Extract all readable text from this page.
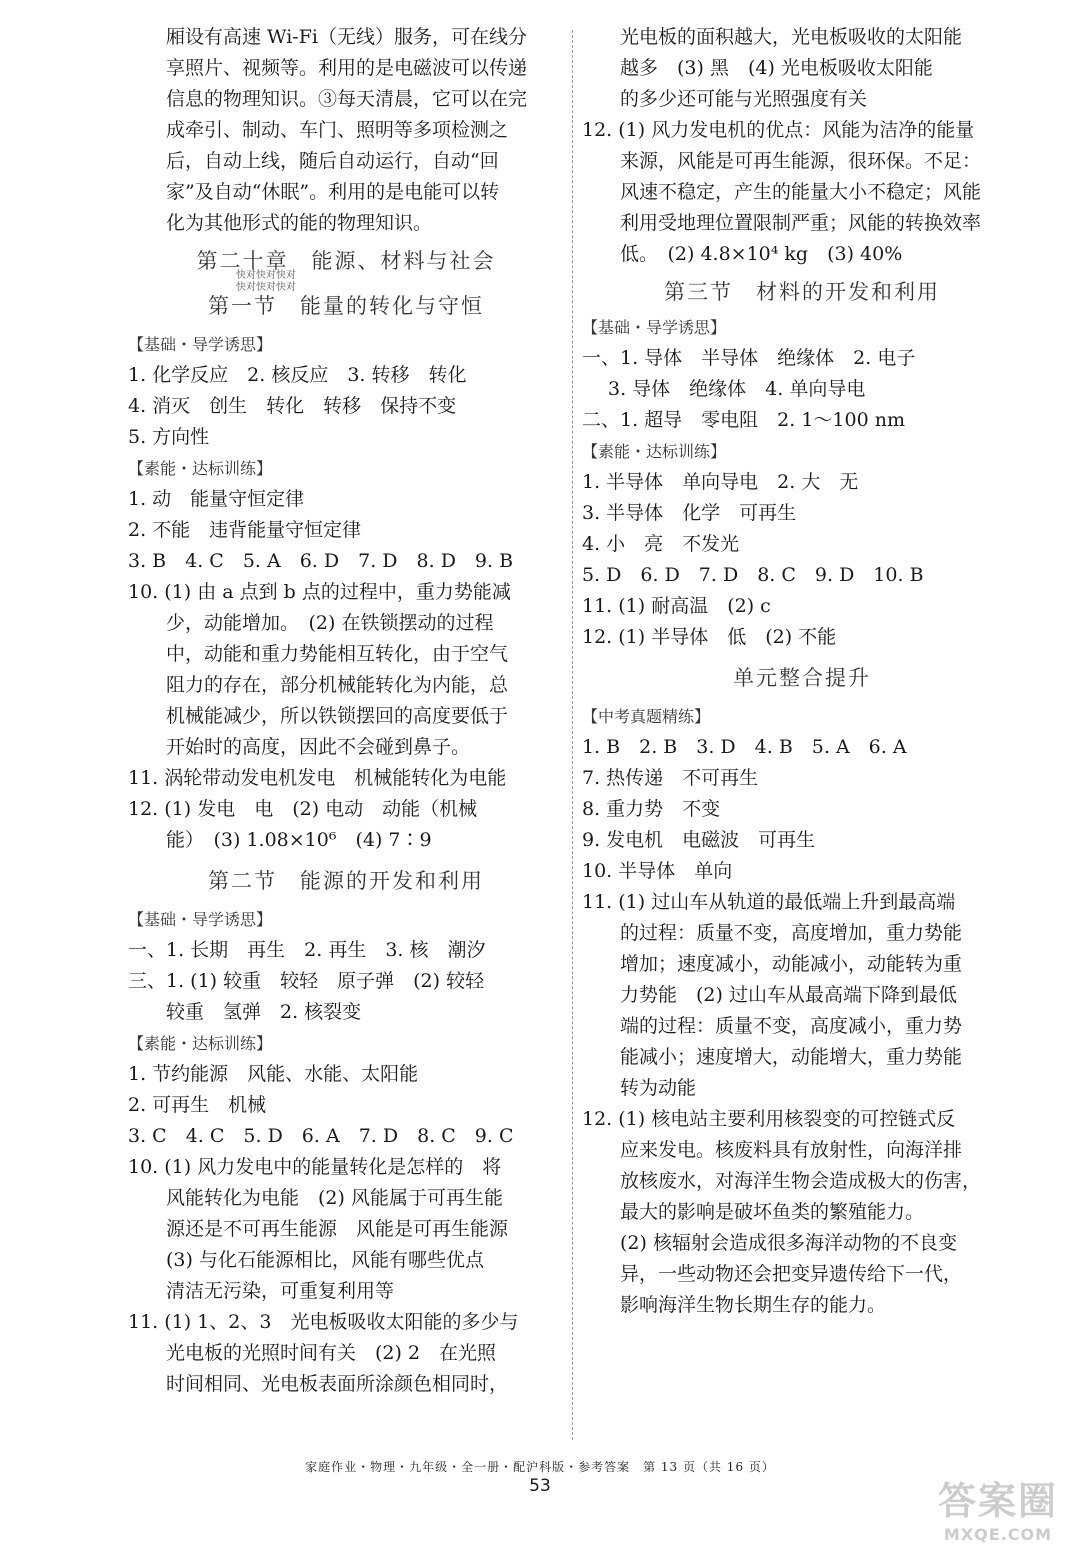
厢设有高速 Wi-Fi（无线）服务，可在线分
享照片、视频等。利用的是电磁波可以传递
信息的物理知识。③每天清晨，它可以在完
成牵引、制动、车门、照明等多项检测之
后，自动上线，随后自动运行，自动“回
家”及自动“休眠”。利用的是电能可以转
化为其他形式的能的物理知识。
第二十章　能源、材料与社会
第一节　能量的转化与守恒
【基础・导学诱思】
1. 化学反应　2. 核反应　3. 转移　转化
4. 消灭　创生　转化　转移　保持不变
5. 方向性
【素能・达标训练】
1. 动　能量守恒定律
2. 不能　违背能量守恒定律
3. B　4. C　5. A　6. D　7. D　8. D　9. B
10. (1) 由 a 点到 b 点的过程中，重力势能减
少，动能增加。　(2) 在铁锁摆动的过程
中，动能和重力势能相互转化，由于空气
阻力的存在，部分机械能转化为内能，总
机械能减少，所以铁锁摆回的高度要低于
开始时的高度，因此不会碰到鼻子。
11. 涡轮带动发电机发电　机械能转化为电能
12. (1) 发电　电　(2) 电动　动能（机械
能）　(3) 1.08×10⁶　(4) 7∶9
第二节　能源的开发和利用
【基础・导学诱思】
一、1. 长期　再生　2. 再生　3. 核　潮汐
三、1. (1) 较重　较轻　原子弹　(2) 较轻
较重　氢弹　2. 核裂变
【素能・达标训练】
1. 节约能源　风能、水能、太阳能
2. 可再生　机械
3. C　4. C　5. D　6. A　7. D　8. C　9. C
10. (1) 风力发电中的能量转化是怎样的　将
风能转化为电能　(2) 风能属于可再生能
源还是不可再生能源　风能是可再生能源
(3) 与化石能源相比，风能有哪些优点
清洁无污染，可重复利用等
11. (1) 1、2、3　光电板吸收太阳能的多少与
光电板的光照时间有关　(2) 2　在光照
时间相同、光电板表面所涂颜色相同时，
光电板的面积越大，光电板吸收的太阳能
越多　(3) 黑　(4) 光电板吸收太阳能
的多少还可能与光照强度有关
12. (1) 风力发电机的优点：风能为洁净的能量
来源，风能是可再生能源，很环保。不足：
风速不稳定，产生的能量大小不稳定；风能
利用受地理位置限制严重；风能的转换效率
低。　(2) 4.8×10⁴ kg　(3) 40%
第三节　材料的开发和利用
【基础・导学诱思】
一、1. 导体　半导体　绝缘体　2. 电子
3. 导体　绝缘体　4. 单向导电
二、1. 超导　零电阻　2. 1～100 nm
【素能・达标训练】
1. 半导体　单向导电　2. 大　无
3. 半导体　化学　可再生
4. 小　亮　不发光
5. D　6. D　7. D　8. C　9. D　10. B
11. (1) 耐高温　(2) c
12. (1) 半导体　低　(2) 不能
单元整合提升
【中考真题精练】
1. B　2. B　3. D　4. B　5. A　6. A
7. 热传递　不可再生
8. 重力势　不变
9. 发电机　电磁波　可再生
10. 半导体　单向
11. (1) 过山车从轨道的最低端上升到最高端
的过程：质量不变，高度增加，重力势能
增加；速度减小，动能减小，动能转为重
力势能　(2) 过山车从最高端下降到最低
端的过程：质量不变，高度减小，重力势
能减小；速度增大，动能增大，重力势能
转为动能
12. (1) 核电站主要利用核裂变的可控链式反
应来发电。核废料具有放射性，向海洋排
放核废水，对海洋生物会造成极大的伤害，
最大的影响是破坏鱼类的繁殖能力。
(2) 核辐射会造成很多海洋动物的不良变
异，一些动物还会把变异遗传给下一代，
影响海洋生物长期生存的能力。
快对快对快对
快对快对快对
家庭作业・物理・九年级・全一册・配沪科版・参考答案　第 13 页（共 16 页）
53	答案圈
MXQE.COM
